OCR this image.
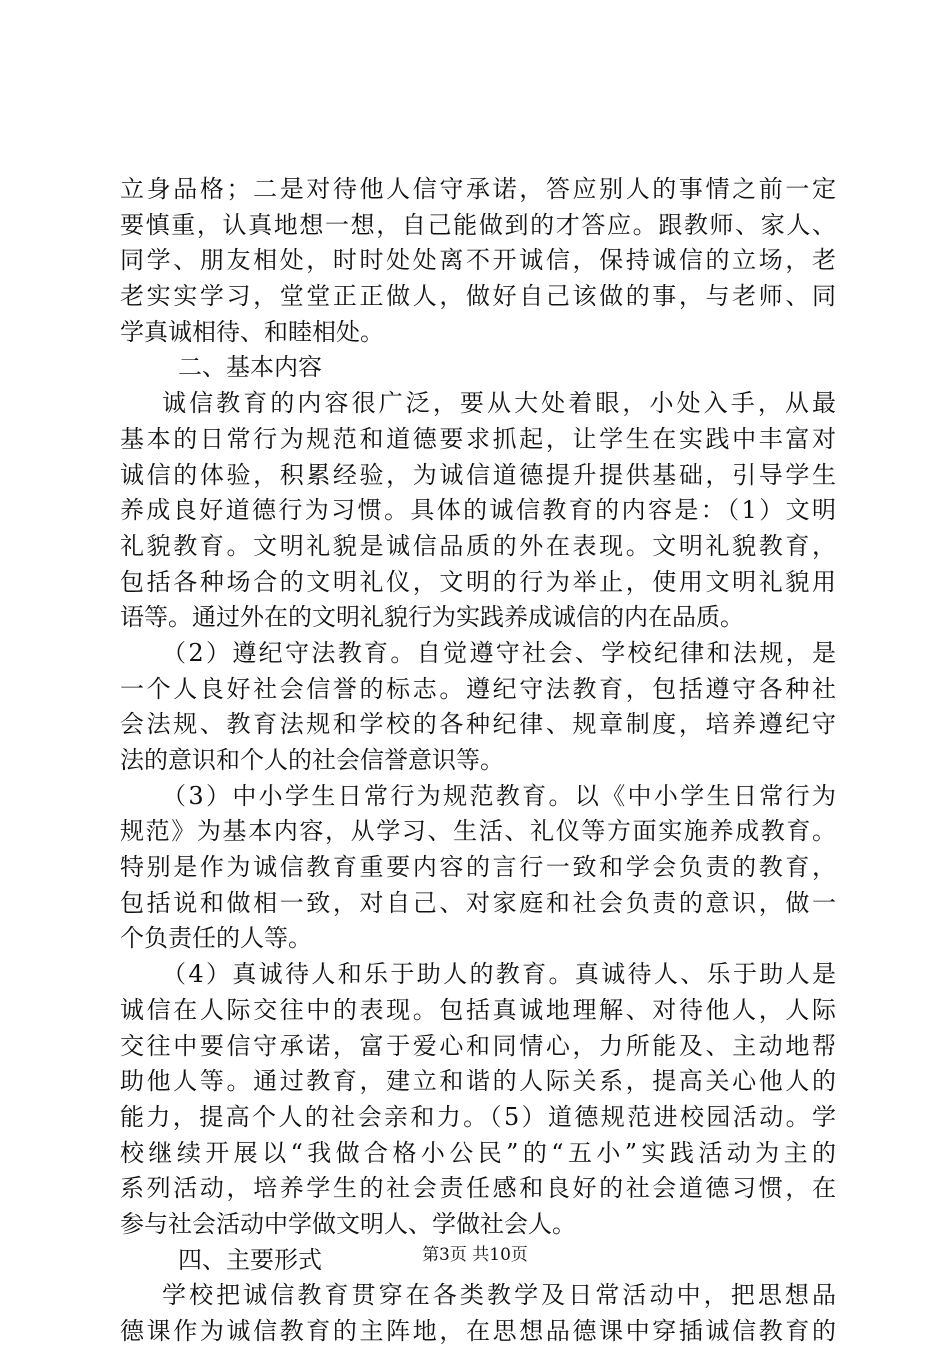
立身品格；二是对待他人信守承诺，答应别人的事情之前一定
要慎重，认真地想一想，自己能做到的才答应。跟教师、家人、
同学、朋友相处，时时处处离不开诚信，保持诚信的立场，老
老实实学习，堂堂正正做人，做好自己该做的事，与老师、同
学真诚相待、和睦相处。
二、基本内容
诚信教育的内容很广泛，要从大处着眼，小处入手，从最
基本的日常行为规范和道德要求抓起，让学生在实践中丰富对
诚信的体验，积累经验，为诚信道德提升提供基础，引导学生
养成良好道德行为习惯。具体的诚信教育的内容是：（1）文明
礼貌教育。文明礼貌是诚信品质的外在表现。文明礼貌教育，
包括各种场合的文明礼仪，文明的行为举止，使用文明礼貌用
语等。通过外在的文明礼貌行为实践养成诚信的内在品质。
（2）遵纪守法教育。自觉遵守社会、学校纪律和法规，是
一个人良好社会信誉的标志。遵纪守法教育，包括遵守各种社
会法规、教育法规和学校的各种纪律、规章制度，培养遵纪守
法的意识和个人的社会信誉意识等。
（3）中小学生日常行为规范教育。以《中小学生日常行为
规范》为基本内容，从学习、生活、礼仪等方面实施养成教育。
特别是作为诚信教育重要内容的言行一致和学会负责的教育，
包括说和做相一致，对自己、对家庭和社会负责的意识，做一
个负责任的人等。
（4）真诚待人和乐于助人的教育。真诚待人、乐于助人是
诚信在人际交往中的表现。包括真诚地理解、对待他人，人际
交往中要信守承诺，富于爱心和同情心，力所能及、主动地帮
助他人等。通过教育，建立和谐的人际关系，提高关心他人的
能力，提高个人的社会亲和力。（5）道德规范进校园活动。学
校继续开展以“我做合格小公民”的“五小”实践活动为主的
系列活动，培养学生的社会责任感和良好的社会道德习惯，在
参与社会活动中学做文明人、学做社会人。
四、主要形式
学校把诚信教育贯穿在各类教学及日常活动中，把思想品
德课作为诚信教育的主阵地，在思想品德课中穿插诚信教育的
第3页 共10页
